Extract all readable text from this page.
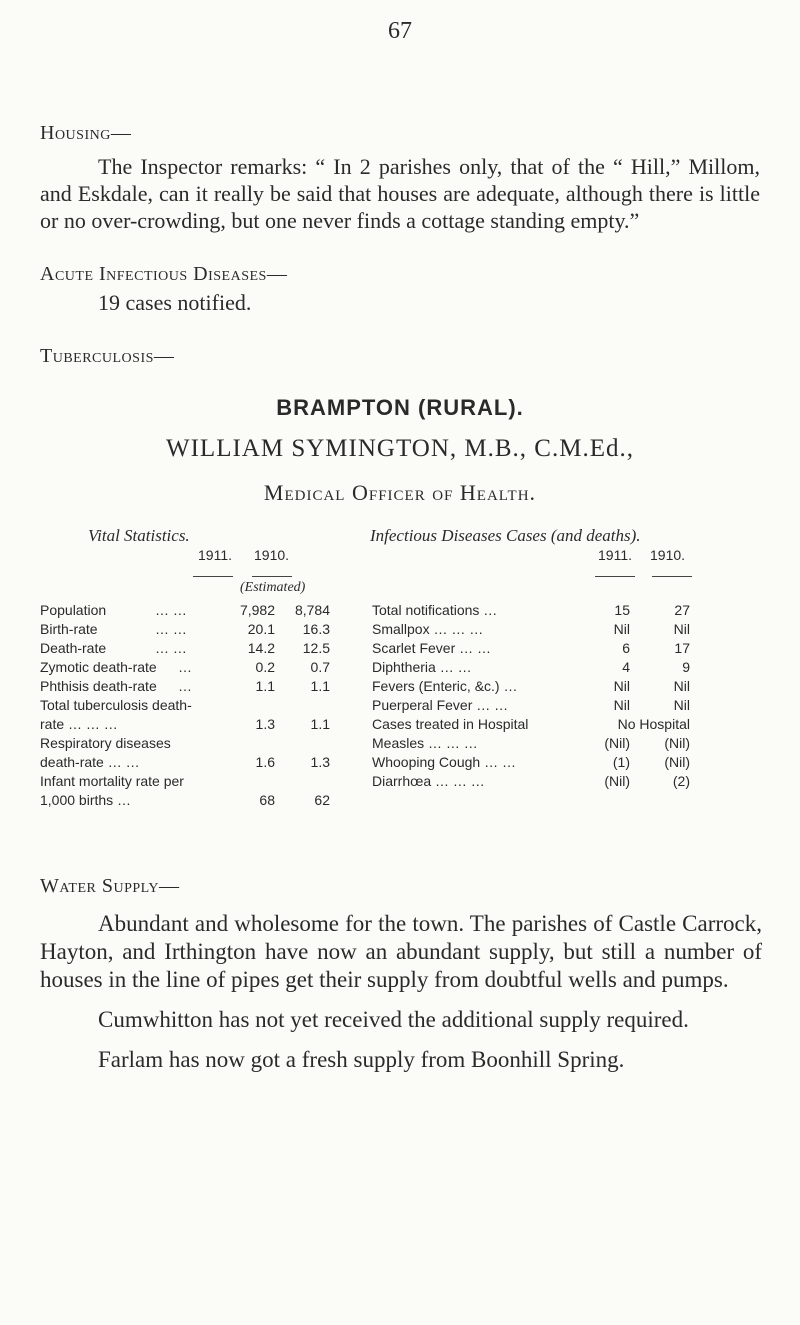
67
Housing—

The Inspector remarks: “ In 2 parishes only, that of the “ Hill,” Millom, and Eskdale, can it really be said that houses are adequate, although there is little or no over-crowding, but one never finds a cottage standing empty.”

Acute Infectious Diseases—
19 cases notified.
Tuberculosis—
BRAMPTON (RURAL).
WILLIAM SYMINGTON, M.B., C.M.Ed.,
Medical Officer of Health.
Vital Statistics.
1911. 1910.
Infectious Diseases Cases (and deaths).
1911. 1910.
(Estimated)
Population	… …	7,982	8,784
Birth-rate	… …	20.1	16.3
Death-rate	… …	14.2	12.5
Zymotic death-rate …	0.2	0.7
Phthisis death-rate …	1.1	1.1
Total tuberculosis death-
rate … … …	1.3	1.1
Respiratory diseases
death-rate … …	1.6	1.3
Infant mortality rate per
1,000 births …	68	62
Total notifications …	15	27
Smallpox … … …	Nil	Nil
Scarlet Fever … …	6	17
Diphtheria … …	4	9
Fevers (Enteric, &c.) …	Nil	Nil
Puerperal Fever … …	Nil	Nil
Cases treated in Hospital	No Hospital
Measles … … …	(Nil)	(Nil)
Whooping Cough … …	(1)	(Nil)
Diarrhœa … … …	(Nil)	(2)
Water Supply—

Abundant and wholesome for the town. The parishes of Castle Carrock, Hayton, and Irthington have now an abundant supply, but still a number of houses in the line of pipes get their supply from doubtful wells and pumps.

Cumwhitton has not yet received the additional supply required.

Farlam has now got a fresh supply from Boonhill Spring.
